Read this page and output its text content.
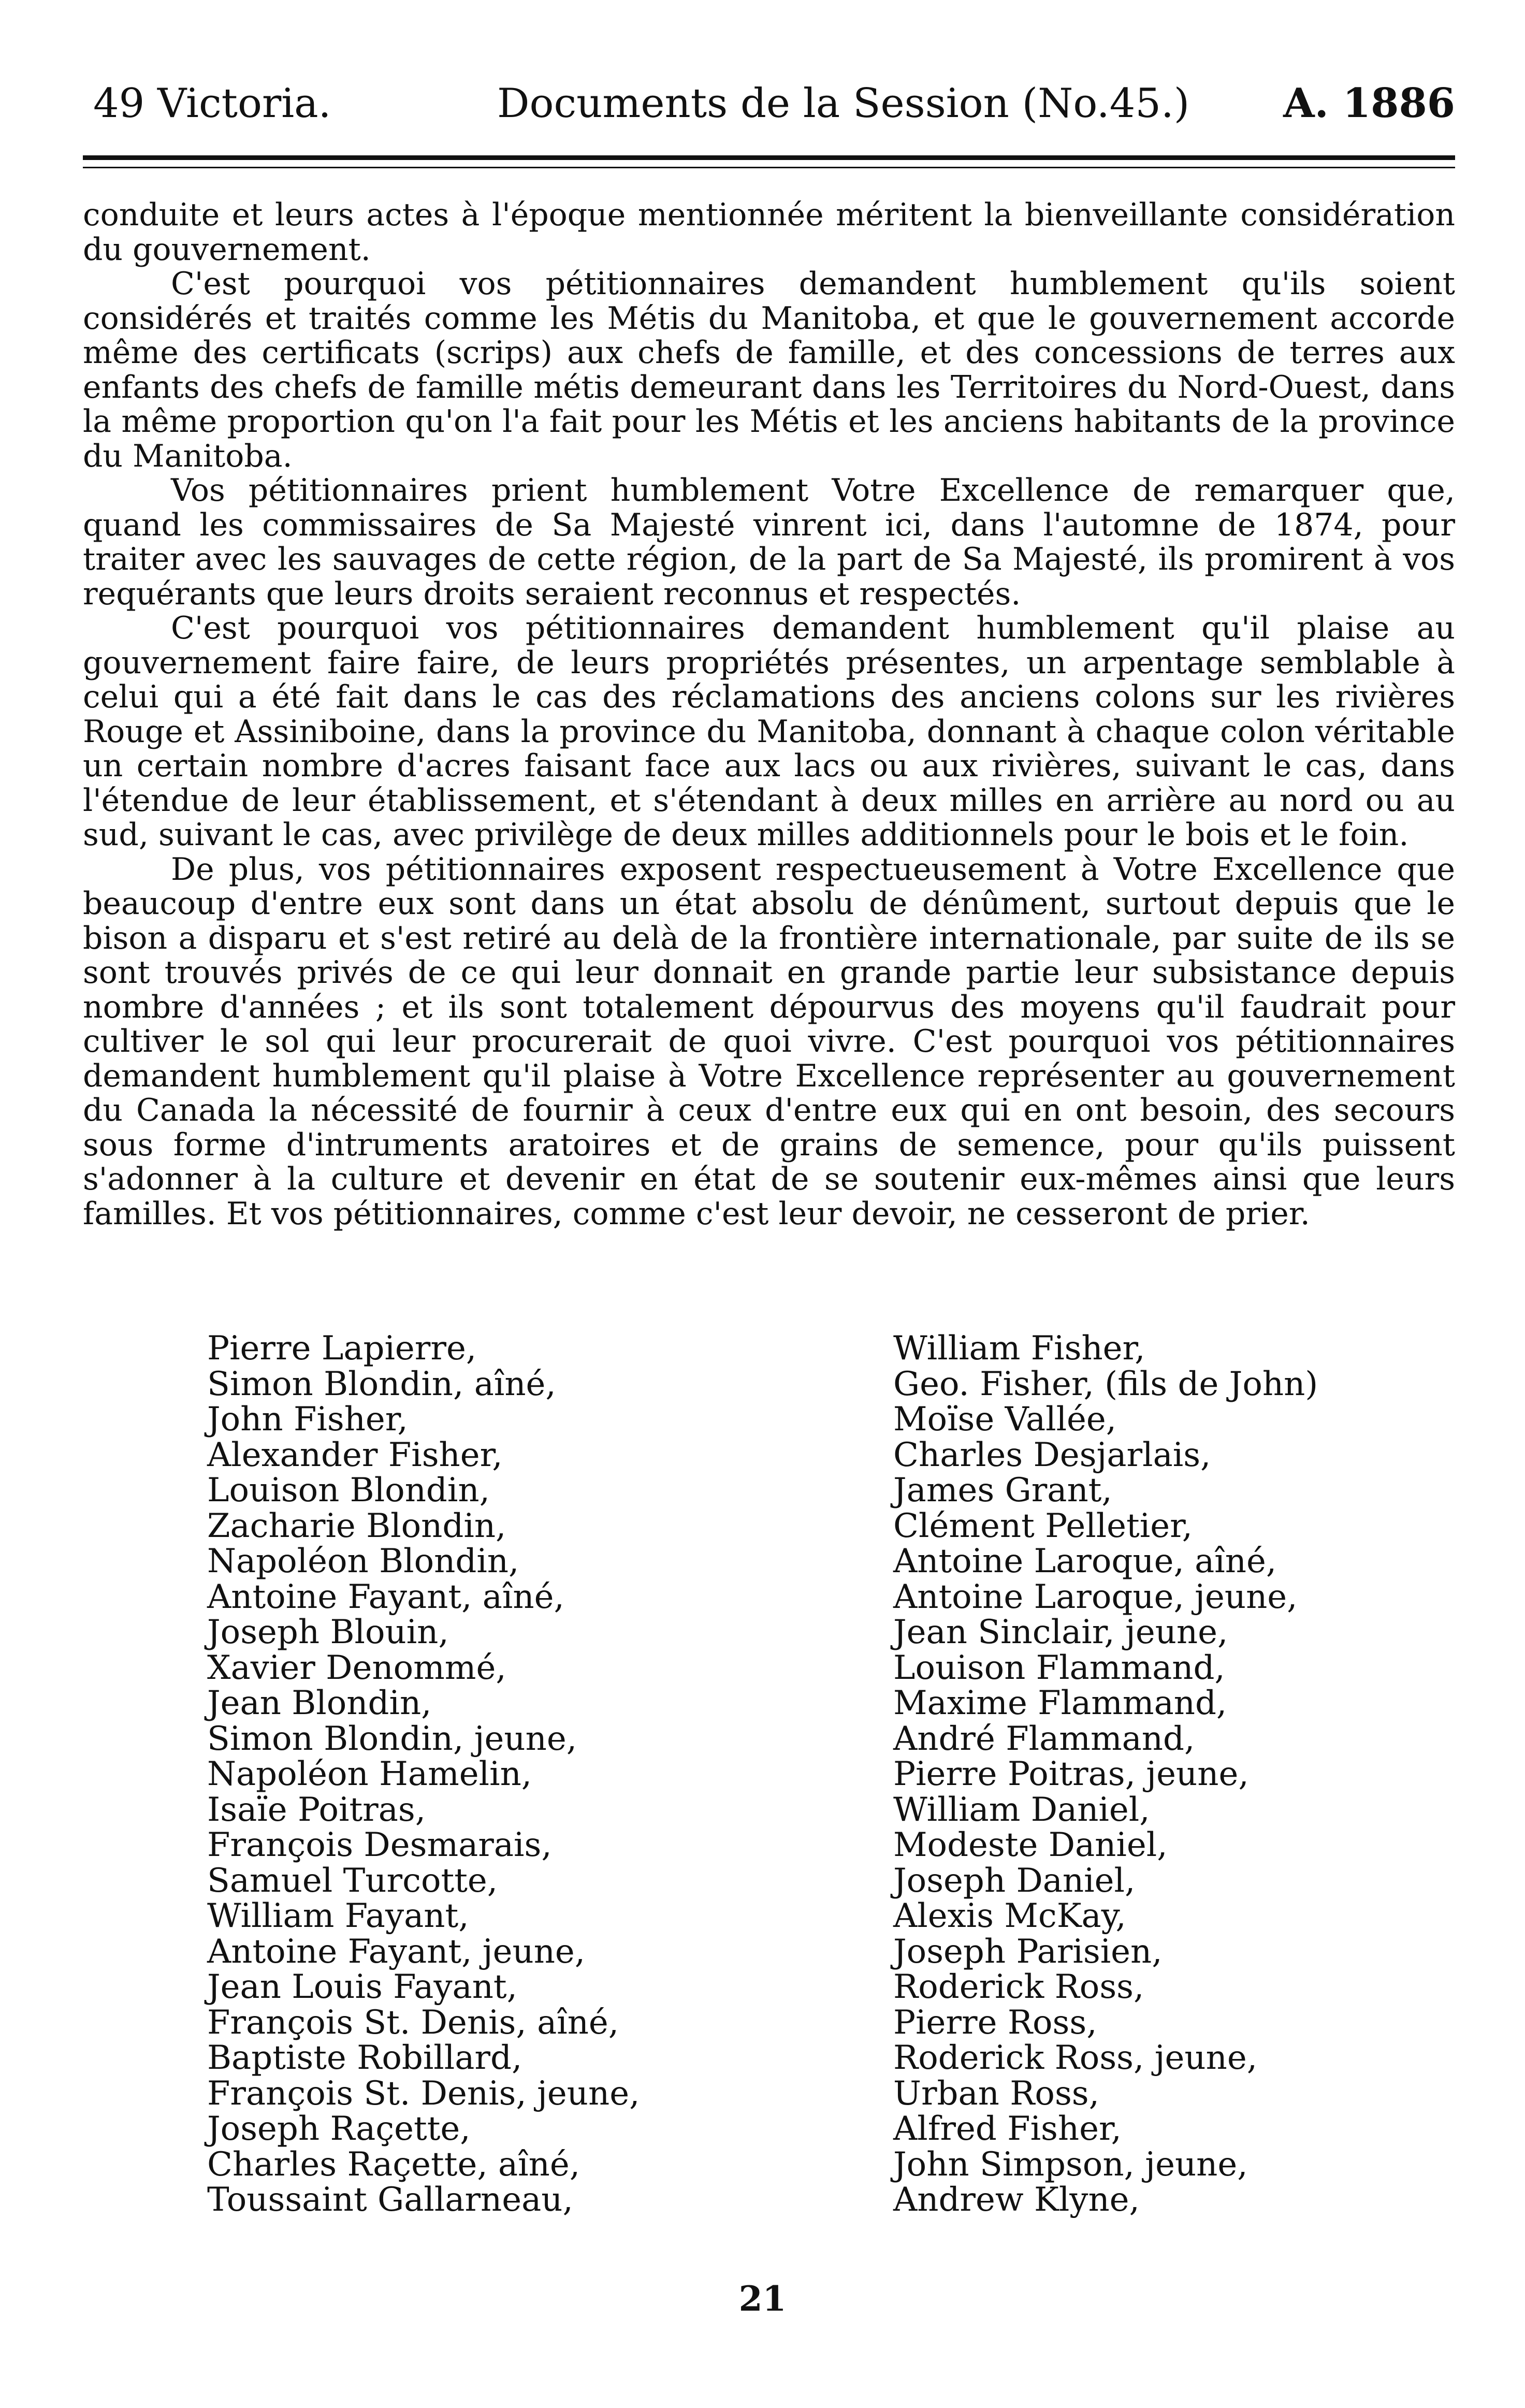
49 Victoria.	Documents de la Session (No.45.) A. 1886

conduite et leurs actes à l'époque mentionnée méritent la bienveillante considération du gouvernement.

C'est pourquoi vos pétitionnaires demandent humblement qu'ils soient considérés et traités comme les Métis du Manitoba, et que le gouvernement accorde même des certificats (scrips) aux chefs de famille, et des concessions de terres aux enfants des chefs de famille métis demeurant dans les Territoires du Nord-Ouest, dans la même proportion qu'on l'a fait pour les Métis et les anciens habitants de la province du Manitoba.

Vos pétitionnaires prient humblement Votre Excellence de remarquer que, quand les commissaires de Sa Majesté vinrent ici, dans l'automne de 1874, pour traiter avec les sauvages de cette région, de la part de Sa Majesté, ils promirent à vos requérants que leurs droits seraient reconnus et respectés.

C'est pourquoi vos pétitionnaires demandent humblement qu'il plaise au gouvernement faire faire, de leurs propriétés présentes, un arpentage semblable à celui qui a été fait dans le cas des réclamations des anciens colons sur les rivières Rouge et Assiniboine, dans la province du Manitoba, donnant à chaque colon véritable un certain nombre d'acres faisant face aux lacs ou aux rivières, suivant le cas, dans l'étendue de leur établissement, et s'étendant à deux milles en arrière au nord ou au sud, suivant le cas, avec privilège de deux milles additionnels pour le bois et le foin.

De plus, vos pétitionnaires exposent respectueusement à Votre Excellence que beaucoup d'entre eux sont dans un état absolu de dénûment, surtout depuis que le bison a disparu et s'est retiré au delà de la frontière internationale, par suite de ils se sont trouvés privés de ce qui leur donnait en grande partie leur subsistance depuis nombre d'années ; et ils sont totalement dépourvus des moyens qu'il faudrait pour cultiver le sol qui leur procurerait de quoi vivre. C'est pourquoi vos pétitionnaires demandent humblement qu'il plaise à Votre Excellence représenter au gouvernement du Canada la nécessité de fournir à ceux d'entre eux qui en ont besoin, des secours sous forme d'intruments aratoires et de grains de semence, pour qu'ils puissent s'adonner à la culture et devenir en état de se soutenir eux-mêmes ainsi que leurs familles. Et vos pétitionnaires, comme c'est leur devoir, ne cesseront de prier.

Pierre Lapierre,
Simon Blondin, aîné,
John Fisher,
Alexander Fisher,
Louison Blondin,
Zacharie Blondin,
Napoléon Blondin,
Antoine Fayant, aîné,
Joseph Blouin,
Xavier Denommé,
Jean Blondin,
Simon Blondin, jeune,
Napoléon Hamelin,
Isaïe Poitras,
François Desmarais,
Samuel Turcotte,
William Fayant,
Antoine Fayant, jeune,
Jean Louis Fayant,
François St. Denis, aîné,
Baptiste Robillard,
François St. Denis, jeune,
Joseph Raçette,
Charles Raçette, aîné,
Toussaint Gallarneau,
William Fisher,
Geo. Fisher, (fils de John)
Moïse Vallée,
Charles Desjarlais,
James Grant,
Clément Pelletier,
Antoine Laroque, aîné,
Antoine Laroque, jeune,
Jean Sinclair, jeune,
Louison Flammand,
Maxime Flammand,
André Flammand,
Pierre Poitras, jeune,
William Daniel,
Modeste Daniel,
Joseph Daniel,
Alexis McKay,
Joseph Parisien,
Roderick Ross,
Pierre Ross,
Roderick Ross, jeune,
Urban Ross,
Alfred Fisher,
John Simpson, jeune,
Andrew Klyne,
21
